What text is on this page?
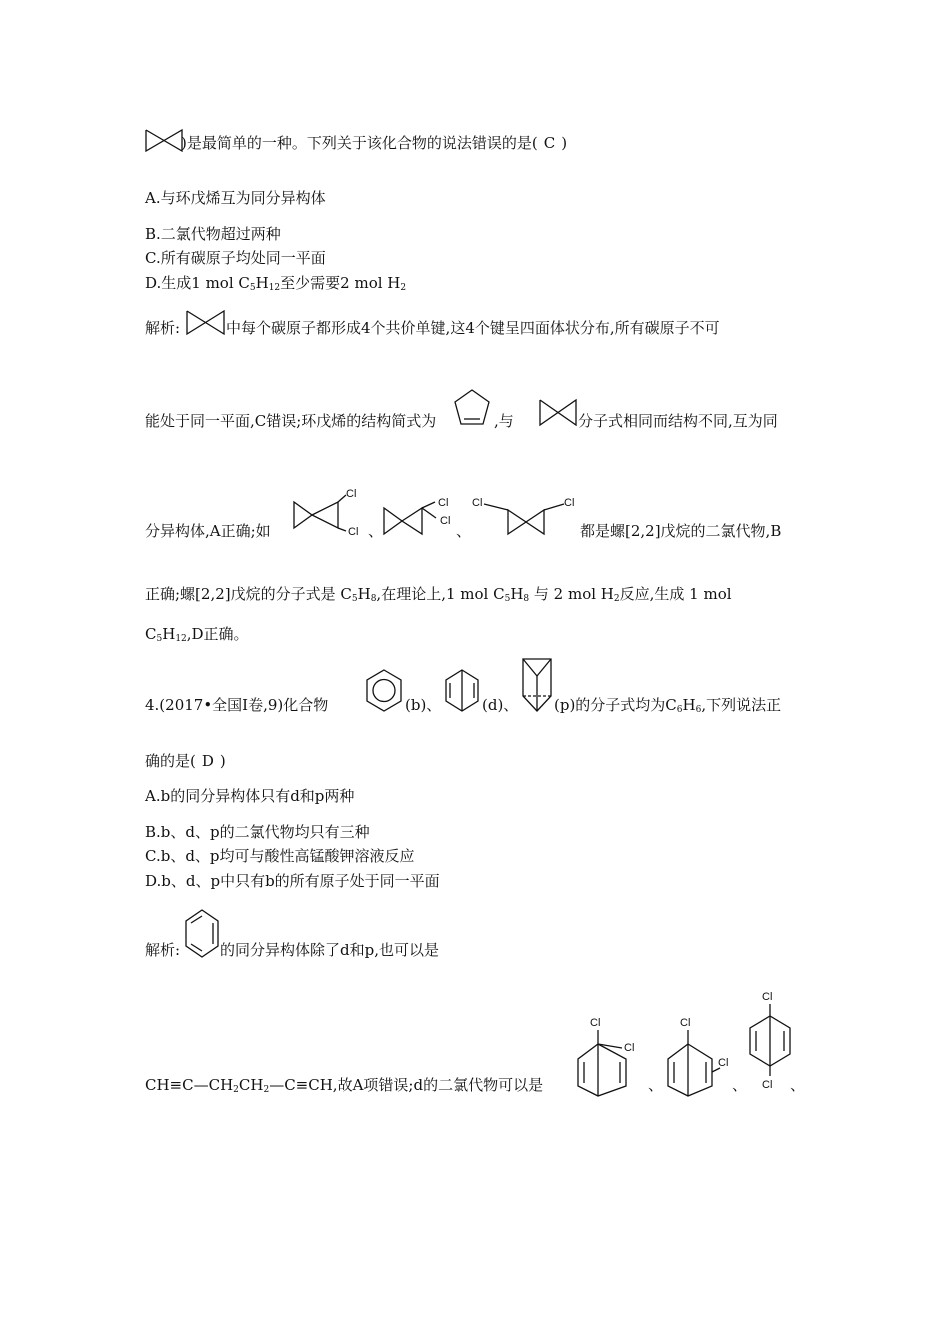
)是最简单的一种。下列关于该化合物的说法错误的是( C )
A.与环戊烯互为同分异构体
B.二氯代物超过两种
C.所有碳原子均处同一平面
D.生成1 mol $C_5H_{12}$至少需要2 mol $H_2$
解析:	中每个碳原子都形成4个共价单键,这4个键呈四面体状分布,所有碳原子不可
能处于同一平面,C错误;环戊烯的结构简式为	,与	分子式相同而结构不同,互为同
分异构体,A正确;如
Cl
Cl 、
Cl
Cl
、
Cl	Cl
都是螺[2,2]戊烷的二氯代物,B
正确;螺[2,2]戊烷的分子式是 $C_5H_8$,在理论上,1 mol $C_5H_8$ 与 2 mol $H_2$反应,生成 1 mol
$C_5H_{12},D$正确。
4.(2017•全国Ⅰ卷,9)化合物	(b)、	(d)、 (p)的分子式均为$C_6H_6$,下列说法正
确的是( D )
A.b的同分异构体只有d和p两种
B.b、d、p的二氯代物均只有三种
C.b、d、p均可与酸性高锰酸钾溶液反应
D.b、d、p中只有b的所有原子处于同一平面
解析:	的同分异构体除了d和p,也可以是
$CH\equiv C—CH_2CH_2—C\equiv CH$,故A项错误;d的二氯代物可以是
Cl
Cl
、
Cl
Cl
、
Cl
Cl 、
